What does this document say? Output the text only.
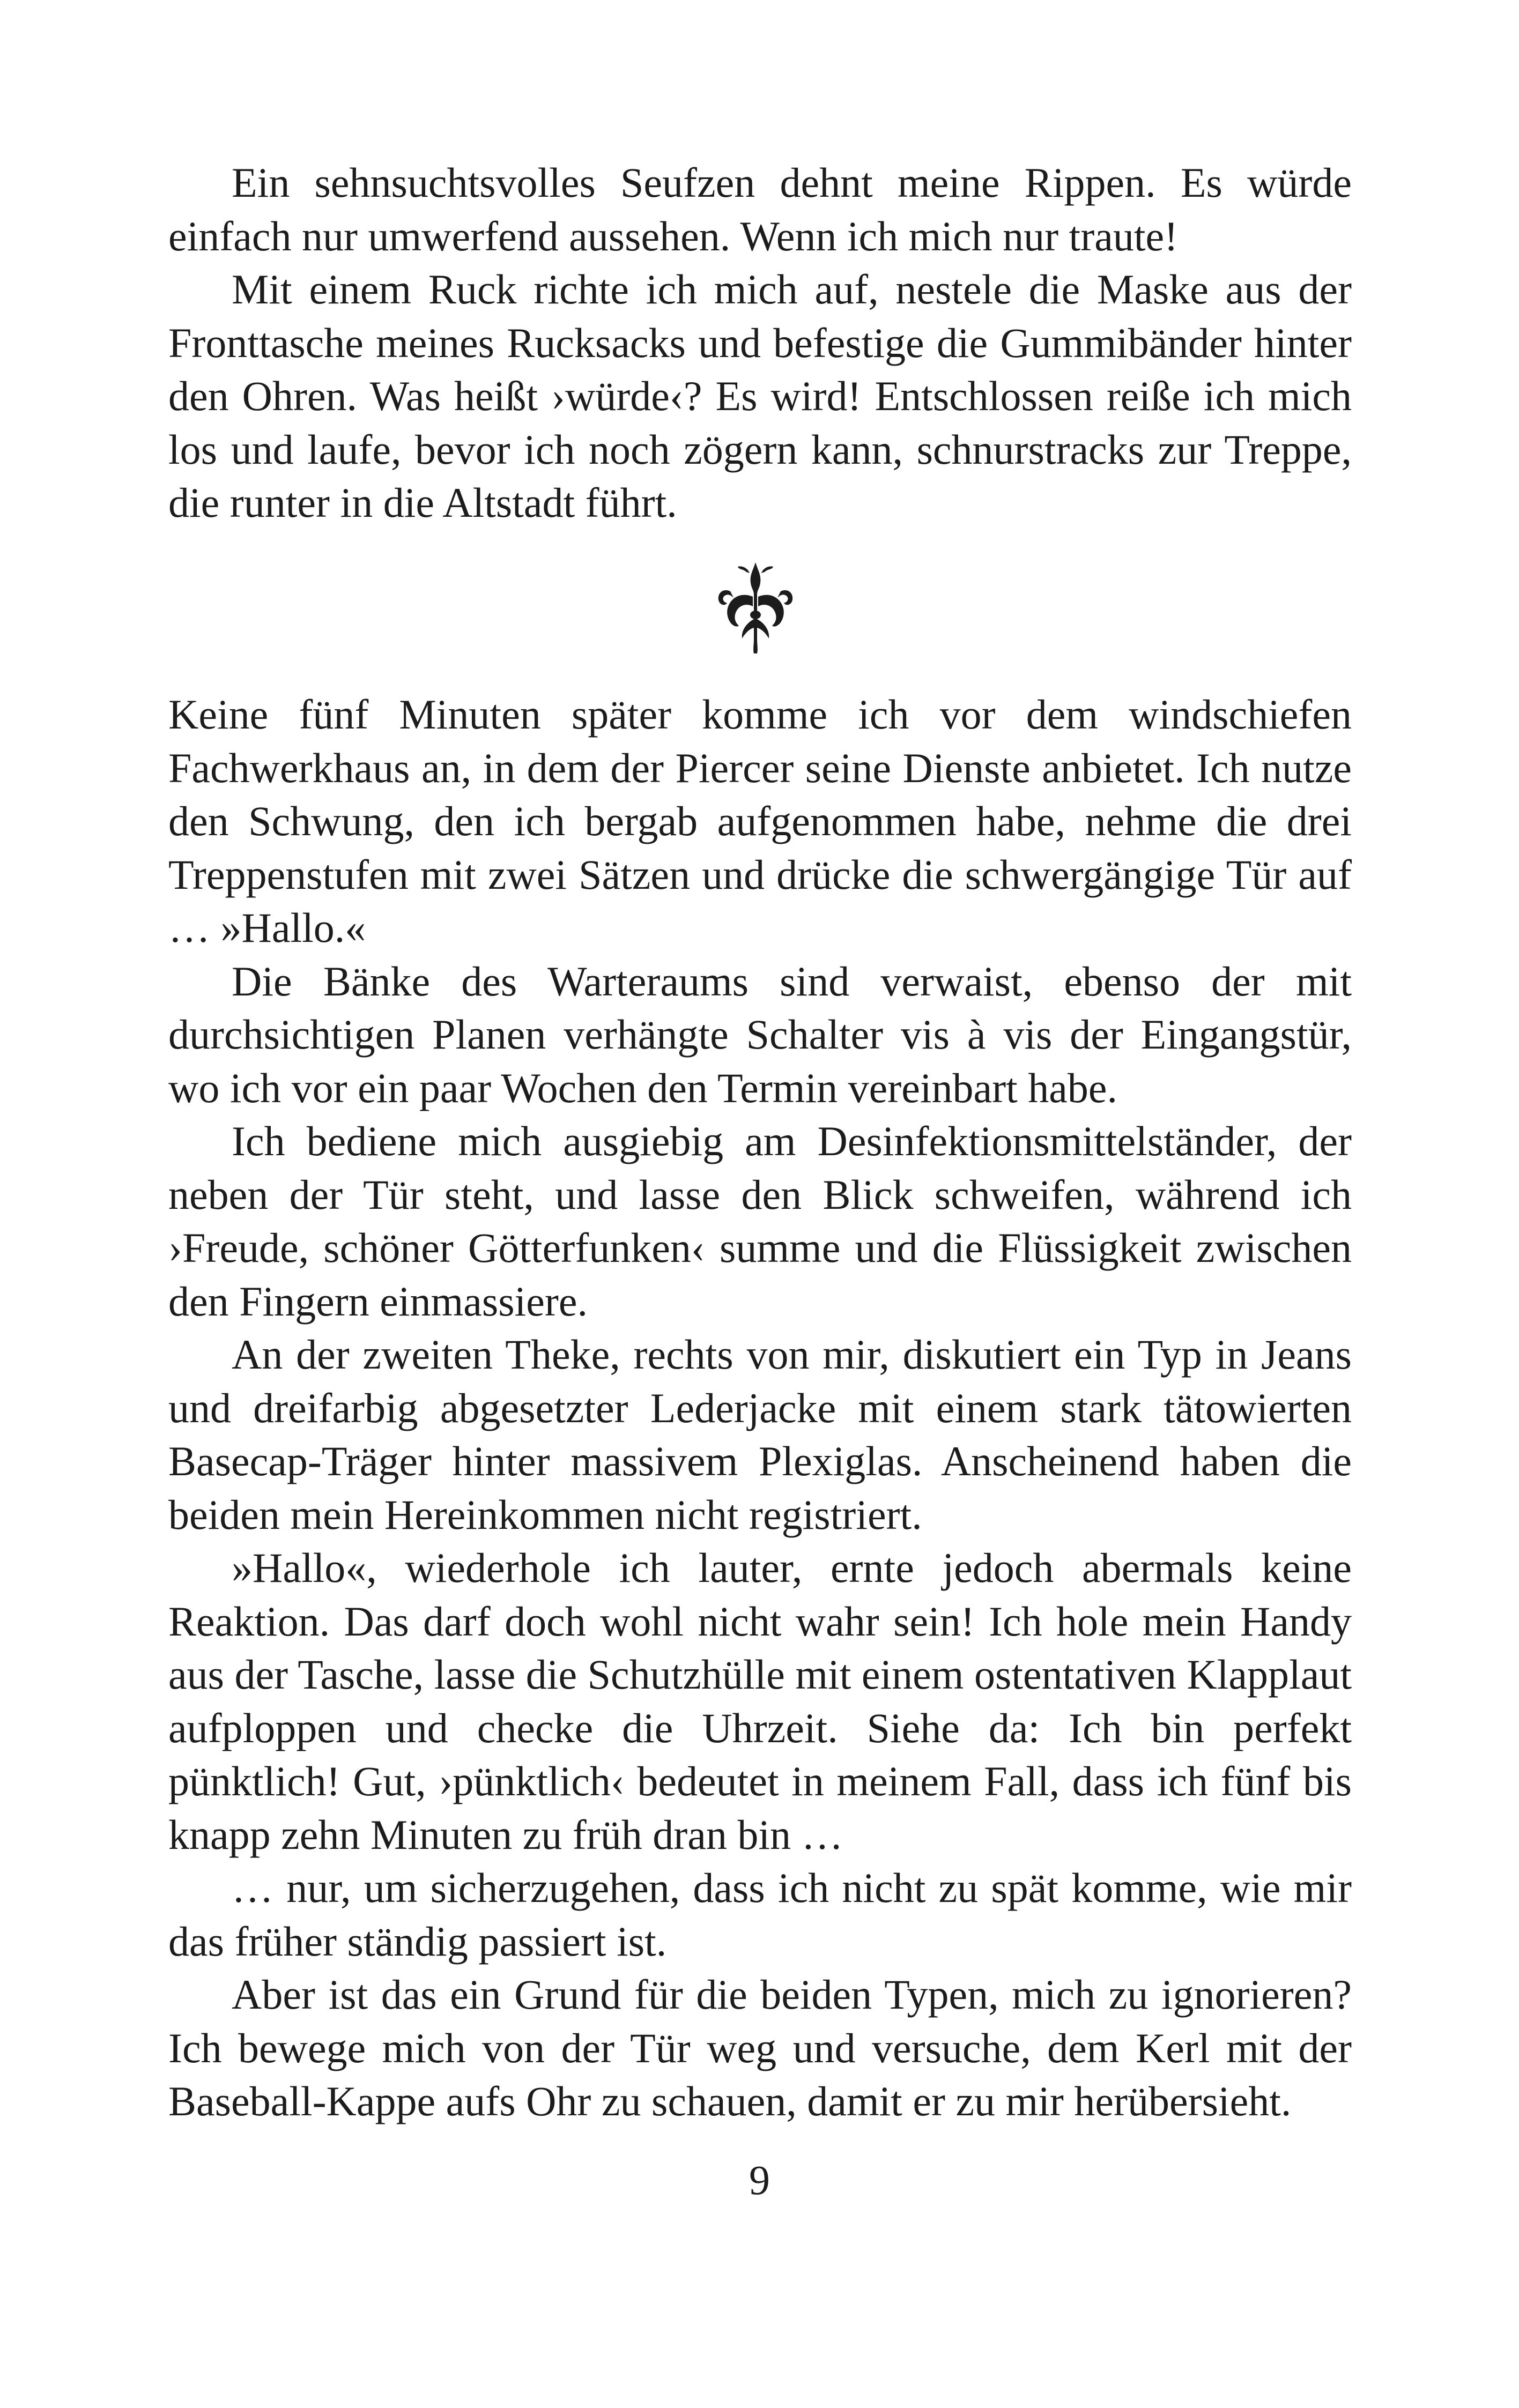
Ein sehnsuchtsvolles Seufzen dehnt meine Rippen. Es würde einfach nur umwerfend aussehen. Wenn ich mich nur traute!

Mit einem Ruck richte ich mich auf, nestele die Maske aus der Fronttasche meines Rucksacks und befestige die Gummibänder hinter den Ohren. Was heißt ›würde‹? Es wird! Entschlossen reiße ich mich los und laufe, bevor ich noch zögern kann, schnurstracks zur Treppe, die runter in die Altstadt führt.

Keine fünf Minuten später komme ich vor dem windschiefen Fachwerkhaus an, in dem der Piercer seine Dienste anbietet. Ich nutze den Schwung, den ich bergab aufgenommen habe, nehme die drei Treppenstufen mit zwei Sätzen und drücke die schwergängige Tür auf … »Hallo.«

Die Bänke des Warteraums sind verwaist, ebenso der mit durchsichtigen Planen verhängte Schalter vis à vis der Eingangstür, wo ich vor ein paar Wochen den Termin vereinbart habe.

Ich bediene mich ausgiebig am Desinfektionsmittelständer, der neben der Tür steht, und lasse den Blick schweifen, während ich ›Freude, schöner Götterfunken‹ summe und die Flüssigkeit zwischen den Fingern einmassiere.

An der zweiten Theke, rechts von mir, diskutiert ein Typ in Jeans und dreifarbig abgesetzter Lederjacke mit einem stark tätowierten Basecap-Träger hinter massivem Plexiglas. Anscheinend haben die beiden mein Hereinkommen nicht registriert.

»Hallo«, wiederhole ich lauter, ernte jedoch abermals keine Reaktion. Das darf doch wohl nicht wahr sein! Ich hole mein Handy aus der Tasche, lasse die Schutzhülle mit einem ostentativen Klapplaut aufploppen und checke die Uhrzeit. Siehe da: Ich bin perfekt pünktlich! Gut, ›pünktlich‹ bedeutet in meinem Fall, dass ich fünf bis knapp zehn Minuten zu früh dran bin …

… nur, um sicherzugehen, dass ich nicht zu spät komme, wie mir das früher ständig passiert ist.

Aber ist das ein Grund für die beiden Typen, mich zu ignorieren? Ich bewege mich von der Tür weg und versuche, dem Kerl mit der Baseball-Kappe aufs Ohr zu schauen, damit er zu mir herübersieht.

9
